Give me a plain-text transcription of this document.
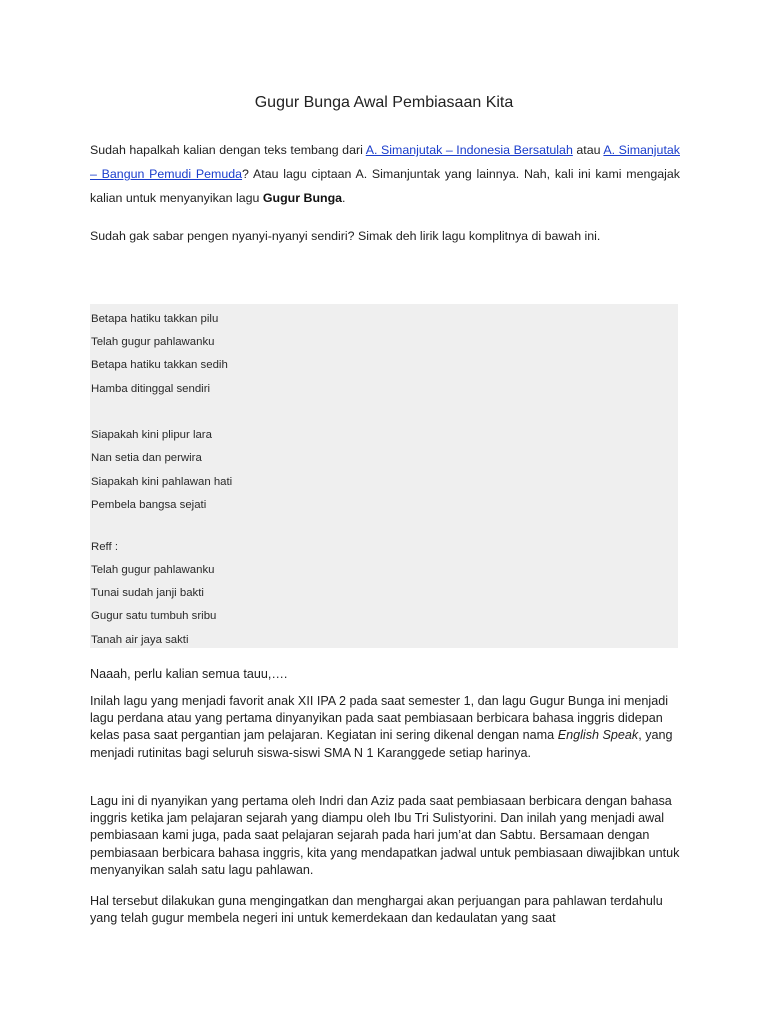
Gugur Bunga Awal Pembiasaan Kita
Sudah hapalkah kalian dengan teks tembang dari A. Simanjutak – Indonesia Bersatulah atau A. Simanjutak – Bangun Pemudi Pemuda? Atau lagu ciptaan A. Simanjuntak yang lainnya. Nah, kali ini kami mengajak kalian untuk menyanyikan lagu Gugur Bunga.
Sudah gak sabar pengen nyanyi-nyanyi sendiri? Simak deh lirik lagu komplitnya di bawah ini.
Betapa hatiku takkan pilu
Telah gugur pahlawanku
Betapa hatiku takkan sedih
Hamba ditinggal sendiri
Siapakah kini plipur lara
Nan setia dan perwira
Siapakah kini pahlawan hati
Pembela bangsa sejati
Reff :
Telah gugur pahlawanku
Tunai sudah janji bakti
Gugur satu tumbuh sribu
Tanah air jaya sakti
Naaah, perlu kalian semua tauu,….
Inilah lagu yang menjadi favorit anak XII IPA 2 pada saat semester 1, dan lagu Gugur Bunga ini menjadi lagu perdana atau yang pertama dinyanyikan pada saat pembiasaan berbicara bahasa inggris didepan kelas pasa saat pergantian jam pelajaran. Kegiatan ini sering dikenal dengan nama English Speak, yang menjadi rutinitas bagi seluruh siswa-siswi SMA N 1 Karanggede setiap harinya.
Lagu ini di nyanyikan yang pertama oleh Indri dan Aziz pada saat pembiasaan berbicara dengan bahasa inggris ketika jam pelajaran sejarah yang diampu oleh Ibu Tri Sulistyorini. Dan inilah yang menjadi awal pembiasaan kami juga, pada saat pelajaran sejarah pada hari jum’at dan Sabtu. Bersamaan dengan pembiasaan berbicara bahasa inggris, kita yang mendapatkan jadwal untuk pembiasaan diwajibkan untuk menyanyikan salah satu lagu pahlawan.
Hal tersebut dilakukan guna mengingatkan dan menghargai akan perjuangan para pahlawan terdahulu yang telah gugur membela negeri ini untuk kemerdekaan dan kedaulatan yang saat
